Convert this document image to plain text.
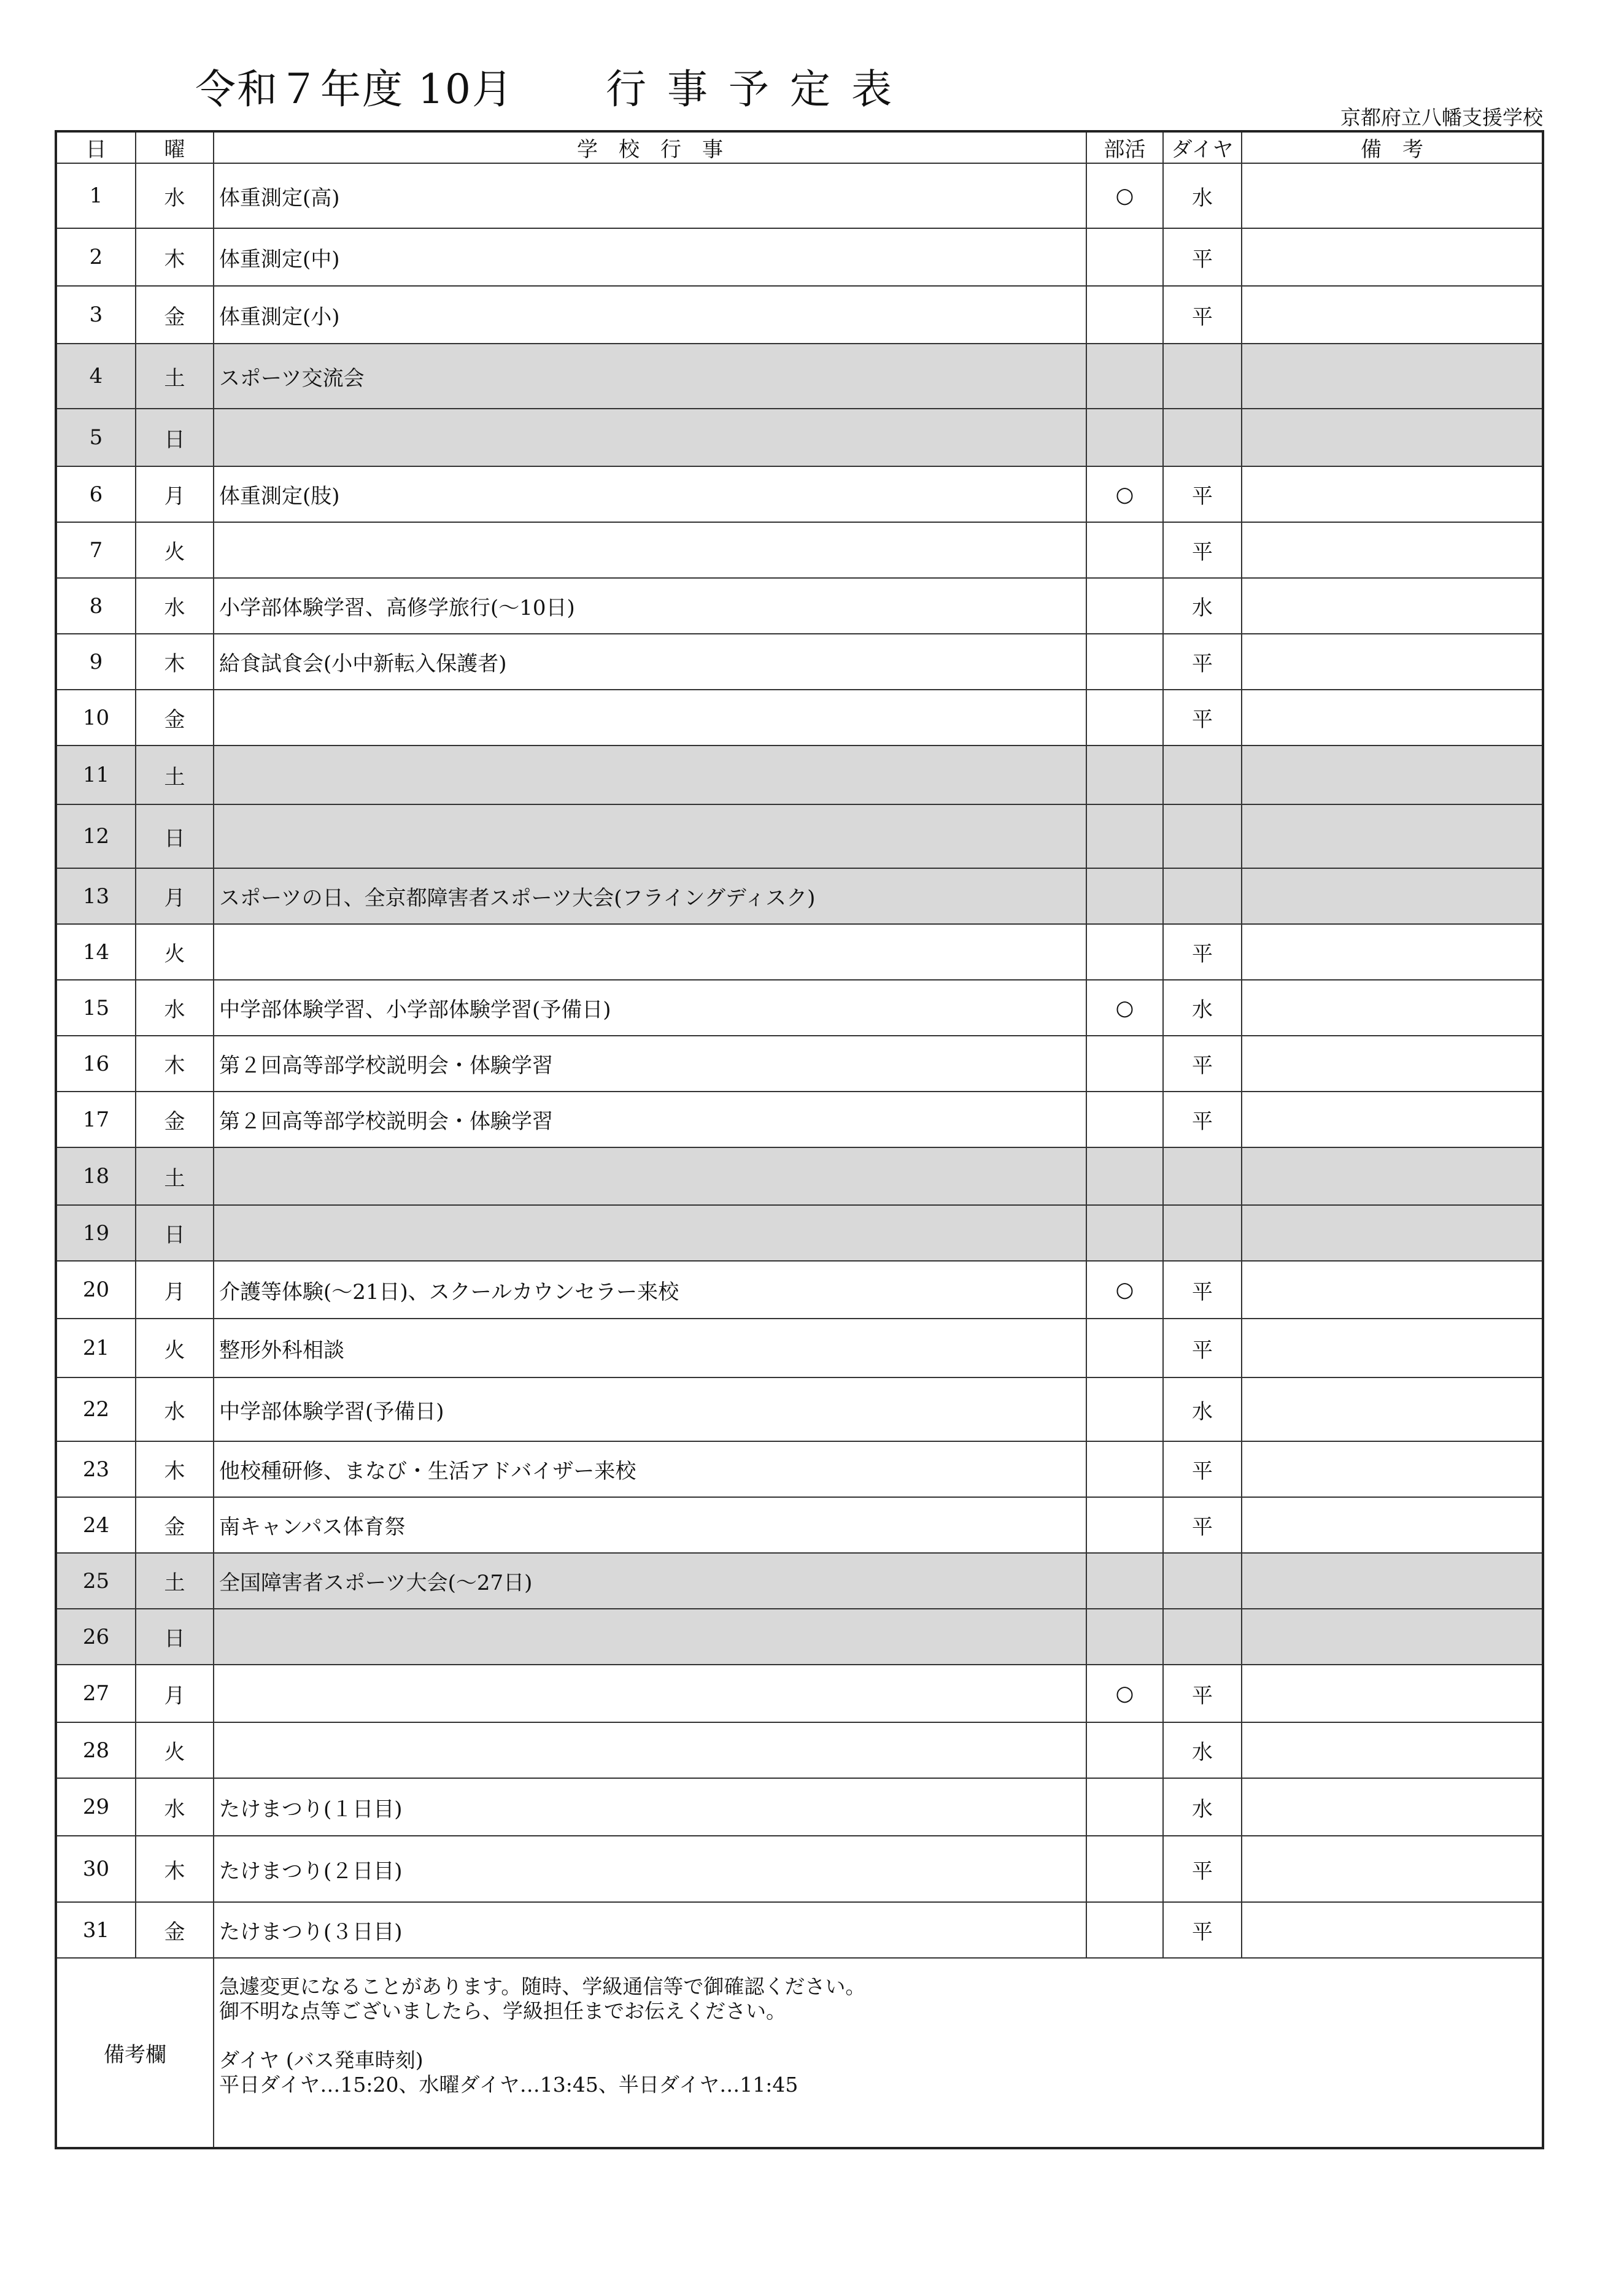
令和７年度 10月 行事予定表
京都府立八幡支援学校
日	曜	学　校　行　事	部活	ダイヤ	備　考
1	水	体重測定(高)	○	水	
2	木	体重測定(中)		平	
3	金	体重測定(小)		平	
4	土	スポーツ交流会			
5	日				
6	月	体重測定(肢)	○	平	
7	火			平	
8	水	小学部体験学習、高修学旅行(～10日)		水	
9	木	給食試食会(小中新転入保護者)		平	
10	金			平	
11	土				
12	日				
13	月	スポーツの日、全京都障害者スポーツ大会(フライングディスク)			
14	火			平	
15	水	中学部体験学習、小学部体験学習(予備日)	○	水	
16	木	第２回高等部学校説明会・体験学習		平	
17	金	第２回高等部学校説明会・体験学習		平	
18	土				
19	日				
20	月	介護等体験(～21日)、スクールカウンセラー来校	○	平	
21	火	整形外科相談		平	
22	水	中学部体験学習(予備日)		水	
23	木	他校種研修、まなび・生活アドバイザー来校		平	
24	金	南キャンパス体育祭		平	
25	土	全国障害者スポーツ大会(～27日)			
26	日				
27	月		○	平	
28	火			水	
29	水	たけまつり(１日目)		水	
30	木	たけまつり(２日目)		平	
31	金	たけまつり(３日目)		平	
備考欄		急遽変更になることがあります。随時、学級通信等で御確認ください。
御不明な点等ございましたら、学級担任までお伝えください。
ダイヤ (バス発車時刻)
平日ダイヤ…15:20、水曜ダイヤ…13:45、半日ダイヤ…11:45			
